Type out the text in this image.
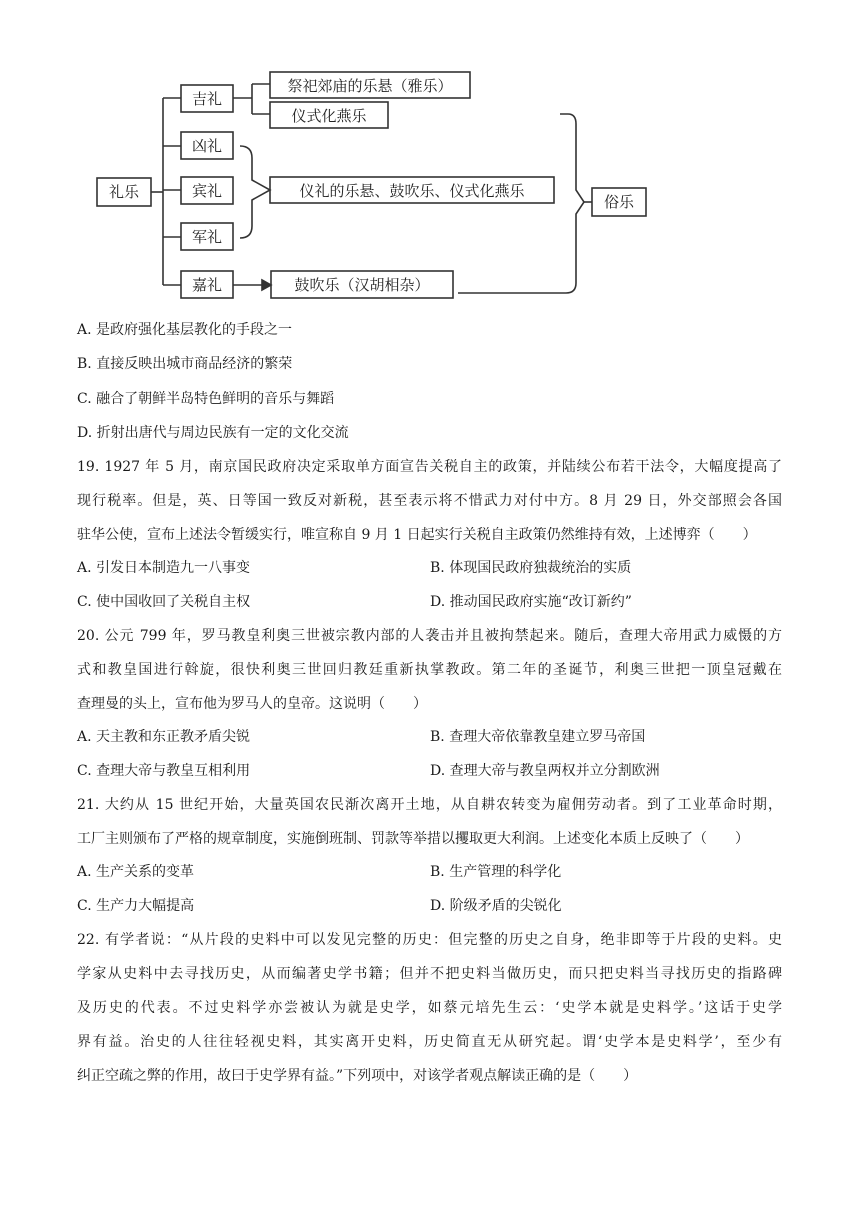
礼乐
吉礼
凶礼
宾礼
军礼
嘉礼
祭祀郊庙的乐悬（雅乐）
仪式化燕乐
仪礼的乐悬、鼓吹乐、仪式化燕乐
鼓吹乐（汉胡相杂）
俗乐
A. 是政府强化基层教化的手段之一
B. 直接反映出城市商品经济的繁荣
C. 融合了朝鲜半岛特色鲜明的音乐与舞蹈
D. 折射出唐代与周边民族有一定的文化交流
19. 1927 年 5 月，南京国民政府决定采取单方面宣告关税自主的政策，并陆续公布若干法令，大幅度提高了
现行税率。但是，英、日等国一致反对新税，甚至表示将不惜武力对付中方。8 月 29 日，外交部照会各国
驻华公使，宣布上述法令暂缓实行，唯宣称自 9 月 1 日起实行关税自主政策仍然维持有效，上述博弈（　　）
A. 引发日本制造九一八事变	B. 体现国民政府独裁统治的实质
C. 使中国收回了关税自主权	D. 推动国民政府实施“改订新约”
20. 公元 799 年，罗马教皇利奥三世被宗教内部的人袭击并且被拘禁起来。随后，查理大帝用武力威慑的方
式和教皇国进行斡旋，很快利奥三世回归教廷重新执掌教政。第二年的圣诞节，利奥三世把一顶皇冠戴在
查理曼的头上，宣布他为罗马人的皇帝。这说明（　　）
A. 天主教和东正教矛盾尖锐	B. 查理大帝依靠教皇建立罗马帝国
C. 查理大帝与教皇互相利用	D. 查理大帝与教皇两权并立分割欧洲
21. 大约从 15 世纪开始，大量英国农民渐次离开土地，从自耕农转变为雇佣劳动者。到了工业革命时期，
工厂主则颁布了严格的规章制度，实施倒班制、罚款等举措以攫取更大利润。上述变化本质上反映了（　　）
A. 生产关系的变革	B. 生产管理的科学化
C. 生产力大幅提高	D. 阶级矛盾的尖锐化
22. 有学者说：“从片段的史料中可以发见完整的历史：但完整的历史之自身，绝非即等于片段的史料。史
学家从史料中去寻找历史，从而编著史学书籍；但并不把史料当做历史，而只把史料当寻找历史的指路碑
及历史的代表。不过史料学亦尝被认为就是史学，如蔡元培先生云：‘史学本就是史料学。’这话于史学
界有益。治史的人往往轻视史料，其实离开史料，历史简直无从研究起。谓‘史学本是史料学’，至少有
纠正空疏之弊的作用，故曰于史学界有益。”下列项中，对该学者观点解读正确的是（　　）
